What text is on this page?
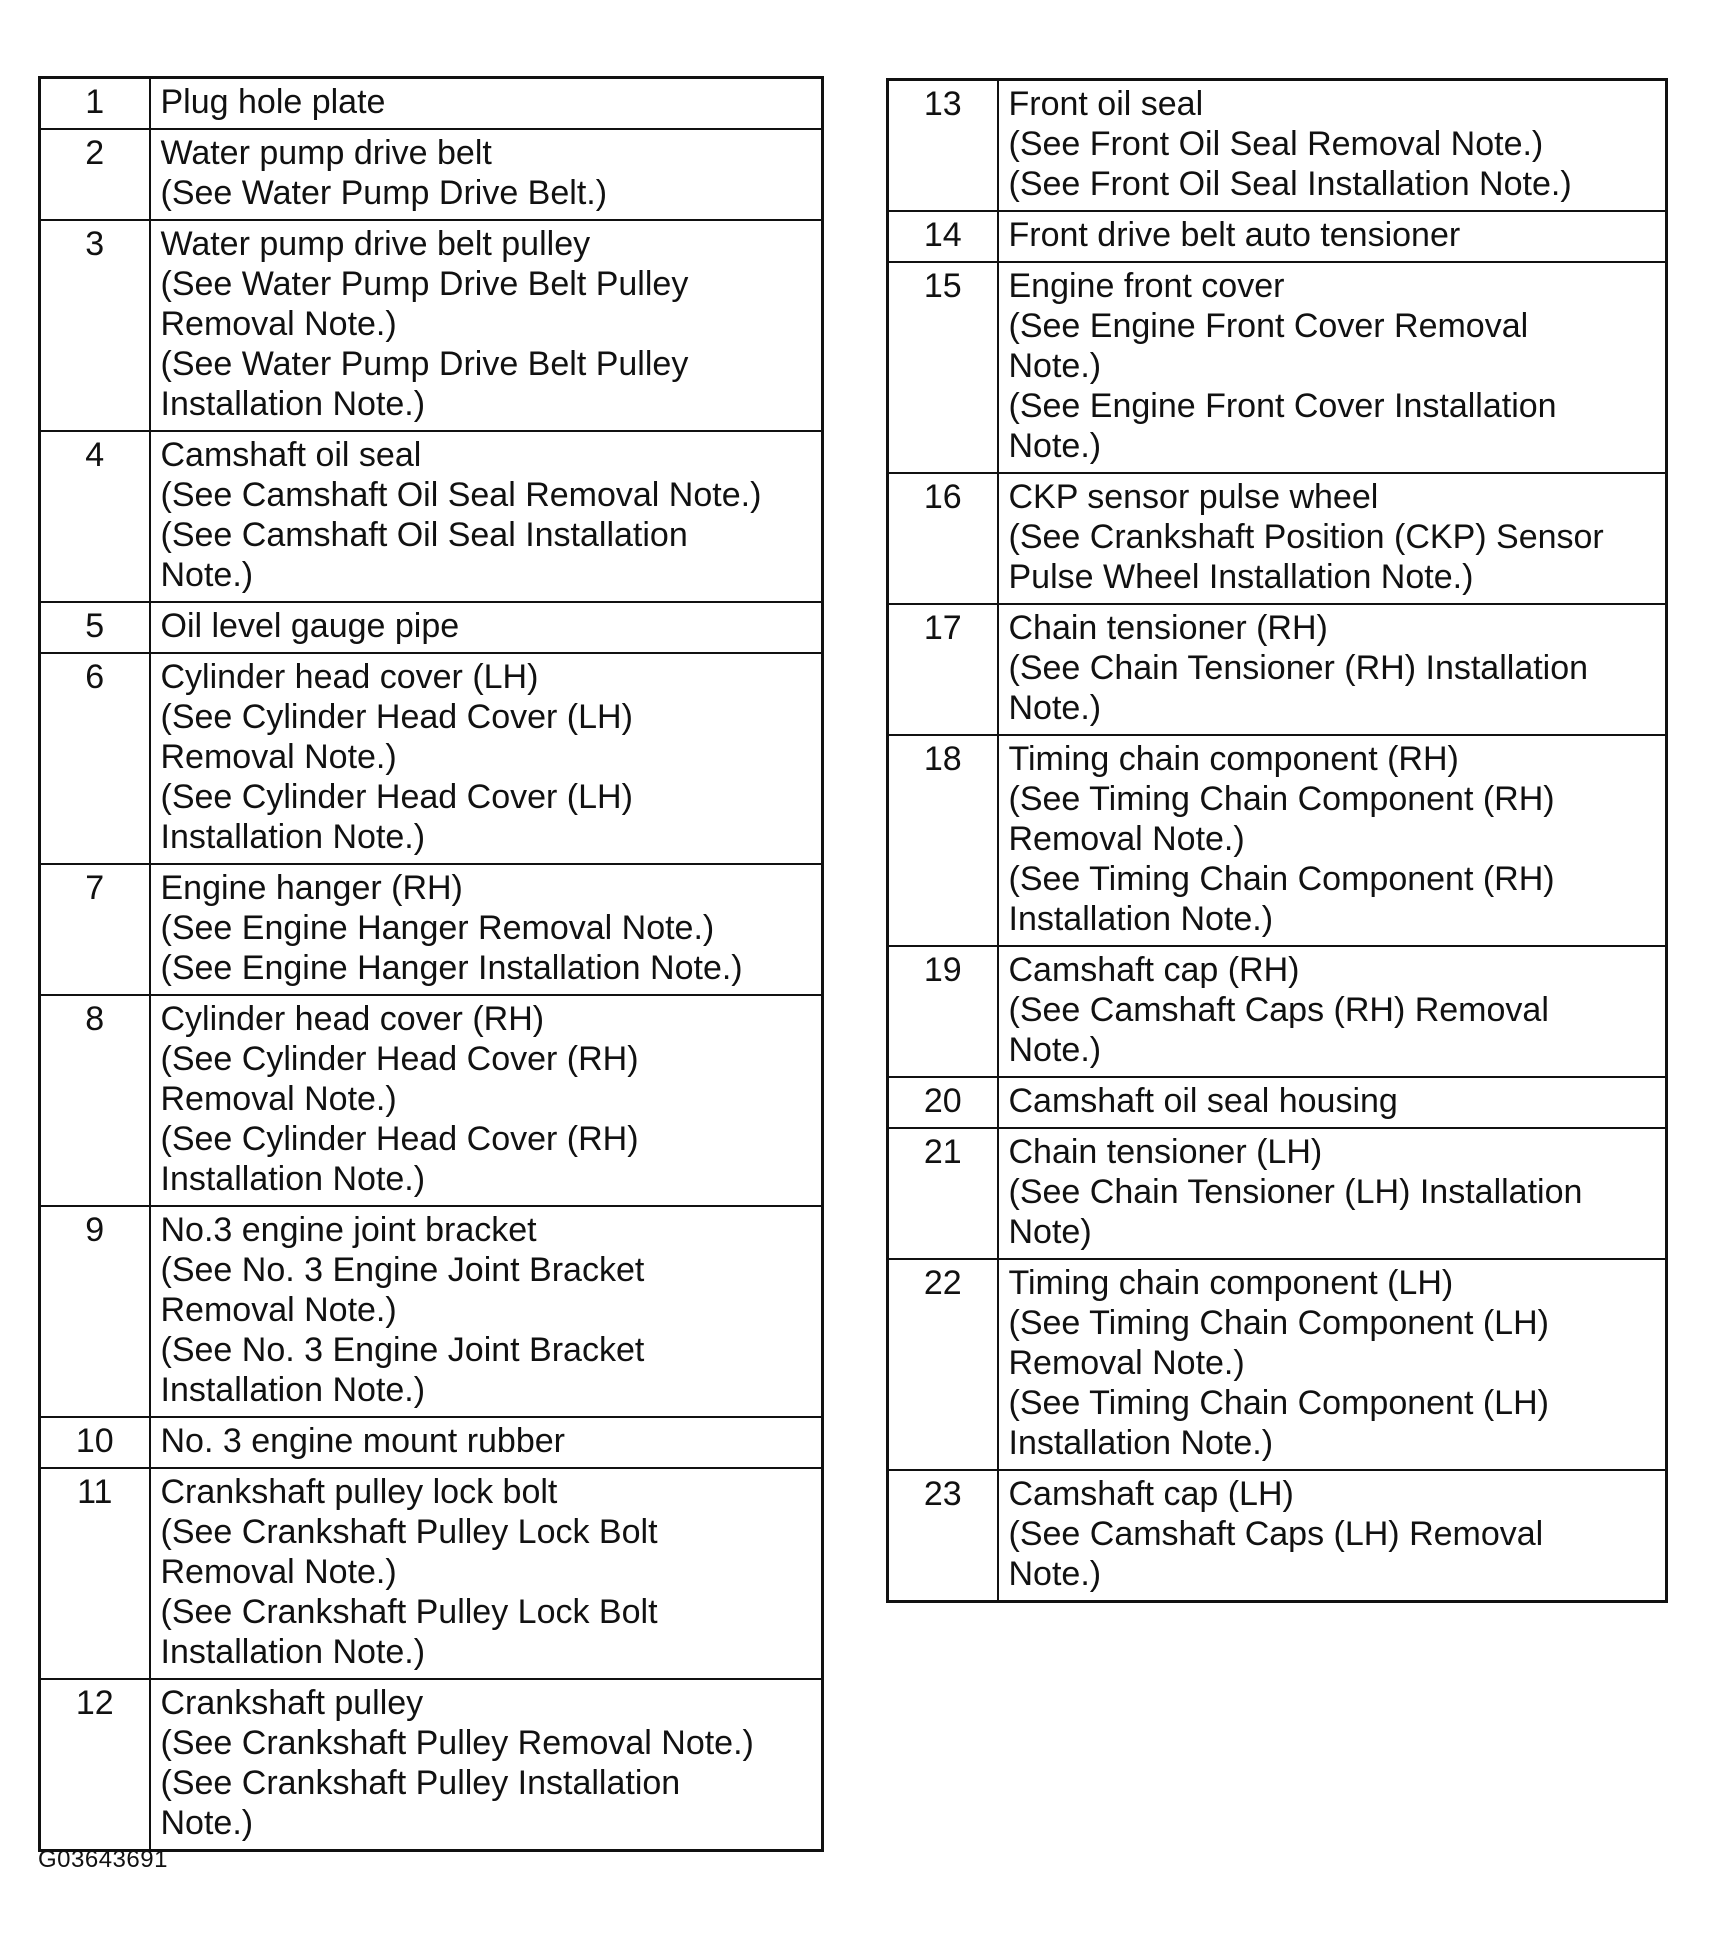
1	Plug hole plate

2	Water pump drive belt
(See Water Pump Drive Belt.)

3	Water pump drive belt pulley
(See Water Pump Drive Belt Pulley
Removal Note.)
(See Water Pump Drive Belt Pulley
Installation Note.)

4	Camshaft oil seal
(See Camshaft Oil Seal Removal Note.)
(See Camshaft Oil Seal Installation
Note.)

5	Oil level gauge pipe

6	Cylinder head cover (LH)
(See Cylinder Head Cover (LH)
Removal Note.)
(See Cylinder Head Cover (LH)
Installation Note.)

7	Engine hanger (RH)
(See Engine Hanger Removal Note.)
(See Engine Hanger Installation Note.)

8	Cylinder head cover (RH)
(See Cylinder Head Cover (RH)
Removal Note.)
(See Cylinder Head Cover (RH)
Installation Note.)

9	No.3 engine joint bracket
(See No. 3 Engine Joint Bracket
Removal Note.)
(See No. 3 Engine Joint Bracket
Installation Note.)

10	No. 3 engine mount rubber

11	Crankshaft pulley lock bolt
(See Crankshaft Pulley Lock Bolt
Removal Note.)
(See Crankshaft Pulley Lock Bolt
Installation Note.)

12	Crankshaft pulley
(See Crankshaft Pulley Removal Note.)
(See Crankshaft Pulley Installation
Note.)
13	Front oil seal
(See Front Oil Seal Removal Note.)
(See Front Oil Seal Installation Note.)

14	Front drive belt auto tensioner

15	Engine front cover
(See Engine Front Cover Removal
Note.)
(See Engine Front Cover Installation
Note.)

16	CKP sensor pulse wheel
(See Crankshaft Position (CKP) Sensor
Pulse Wheel Installation Note.)

17	Chain tensioner (RH)
(See Chain Tensioner (RH) Installation
Note.)

18	Timing chain component (RH)
(See Timing Chain Component (RH)
Removal Note.)
(See Timing Chain Component (RH)
Installation Note.)

19	Camshaft cap (RH)
(See Camshaft Caps (RH) Removal
Note.)

20	Camshaft oil seal housing

21	Chain tensioner (LH)
(See Chain Tensioner (LH) Installation
Note)

22	Timing chain component (LH)
(See Timing Chain Component (LH)
Removal Note.)
(See Timing Chain Component (LH)
Installation Note.)

23	Camshaft cap (LH)
(See Camshaft Caps (LH) Removal
Note.)
G03643691
